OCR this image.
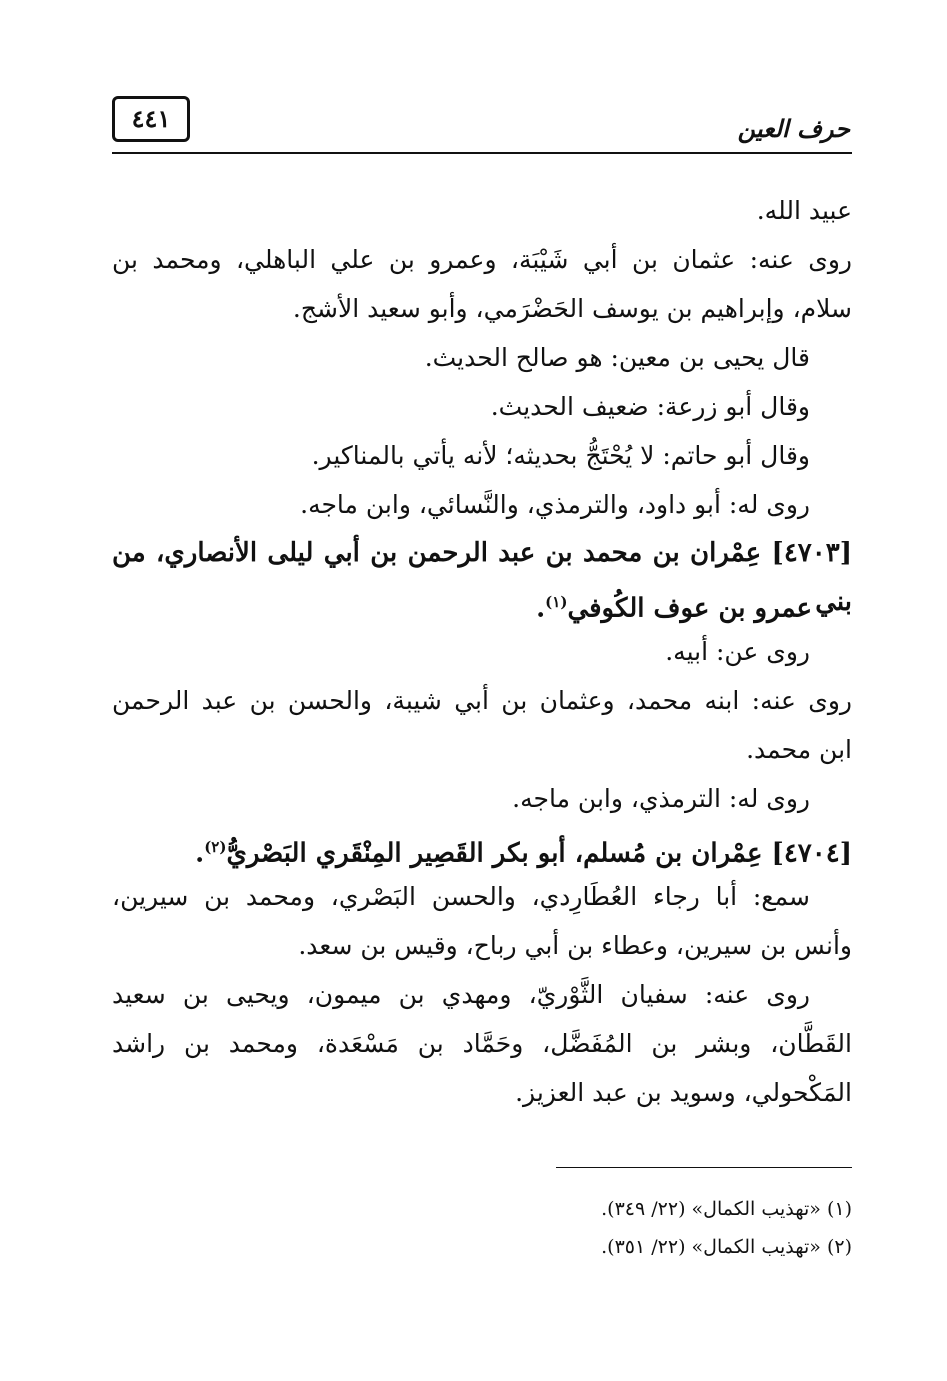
٤٤١	حرف العين
عبيد الله.
روى عنه: عثمان بن أبي شَيْبَة، وعمرو بن علي الباهلي، ومحمد بن
سلام، وإبراهيم بن يوسف الحَضْرَمي، وأبو سعيد الأشج.
قال يحيى بن معين: هو صالح الحديث.
وقال أبو زرعة: ضعيف الحديث.
وقال أبو حاتم: لا يُحْتَجُّ بحديثه؛ لأنه يأتي بالمناكير.
روى له: أبو داود، والترمذي، والنَّسائي، وابن ماجه.
[٤٧٠٣] عِمْران بن محمد بن عبد الرحمن بن أبي ليلى الأنصاري، من بني
عمرو بن عوف الكُوفي$^{(١)}$.
روى عن: أبيه.
روى عنه: ابنه محمد، وعثمان بن أبي شيبة، والحسن بن عبد الرحمن
ابن محمد.
روى له: الترمذي، وابن ماجه.
[٤٧٠٤] عِمْران بن مُسلم، أبو بكر القَصِير المِنْقَري البَصْريُّ$^{(٢)}$.
سمع: أبا رجاء العُطَارِدي، والحسن البَصْري، ومحمد بن سيرين،
وأنس بن سيرين، وعطاء بن أبي رباح، وقيس بن سعد.
روى عنه: سفيان الثَّوْريّ، ومهدي بن ميمون، ويحيى بن سعيد
القَطَّان، وبشر بن المُفَضَّل، وحَمَّاد بن مَسْعَدة، ومحمد بن راشد
المَكْحولي، وسويد بن عبد العزيز.
(١) «تهذيب الكمال» (٢٢/ ٣٤٩).
(٢) «تهذيب الكمال» (٢٢/ ٣٥١).
